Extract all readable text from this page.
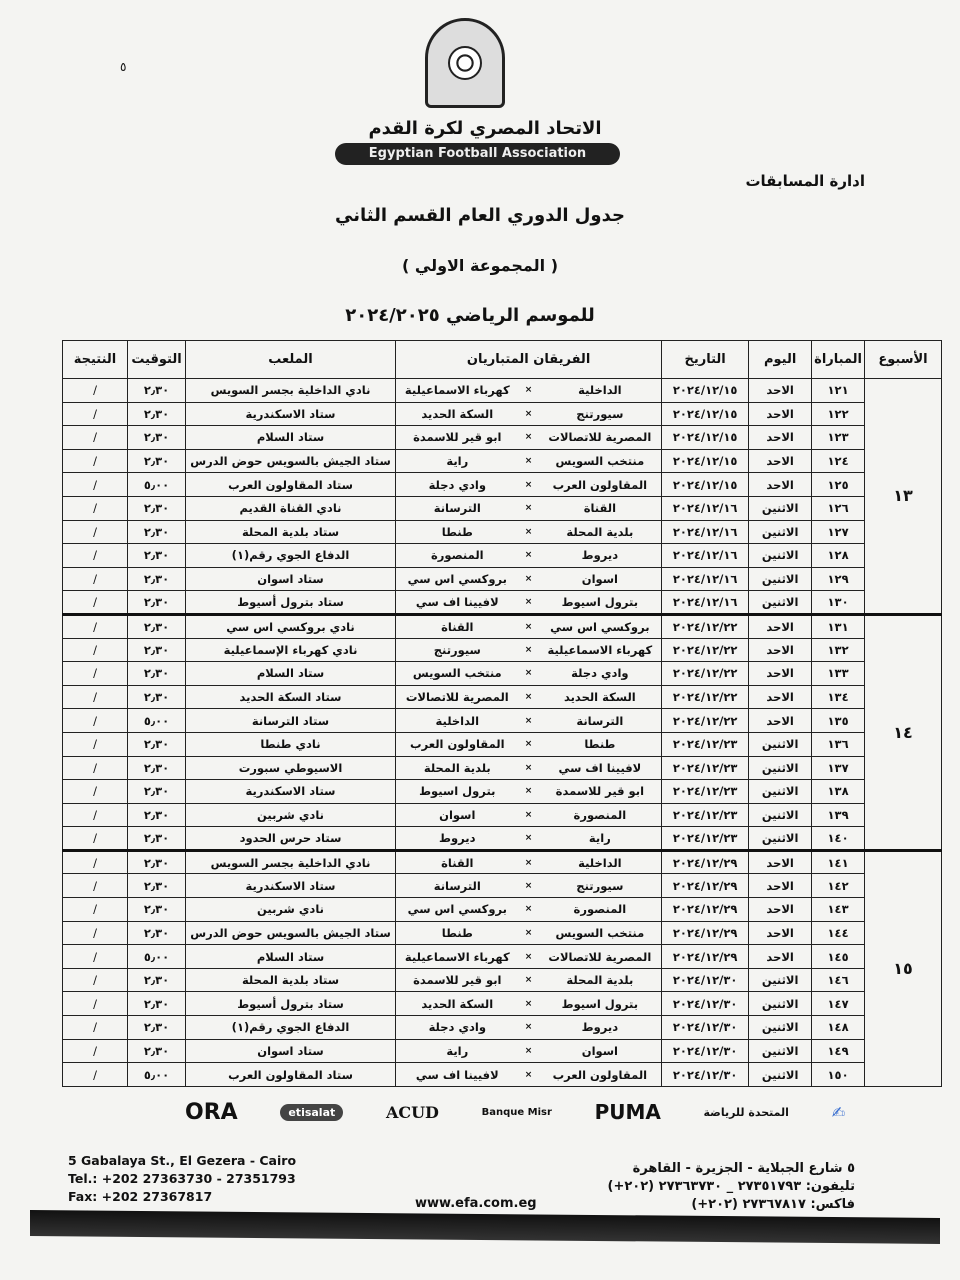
٥
الاتحاد المصري لكرة القدم
Egyptian Football Association
ادارة المسابقات
جدول الدوري العام القسم الثاني
( المجموعة الاولي )
للموسم الرياضي ٢٠٢٤/٢٠٢٥
الأسبوع	المباراة	اليوم	التاريخ	الفريقان المتباريان			الملعب	التوقيت	النتيجة
١٣	١٢١	الاحد	٢٠٢٤/١٢/١٥	الداخلية	×	كهرباء الاسماعيلية	نادي الداخلية بجسر السويس	٢٫٣٠	/
	١٢٢	الاحد	٢٠٢٤/١٢/١٥	سيورتنج	×	السكة الحديد	ستاد الاسكندرية	٢٫٣٠	/
	١٢٣	الاحد	٢٠٢٤/١٢/١٥	المصرية للاتصالات	×	ابو قير للاسمدة	ستاد السلام	٢٫٣٠	/
	١٢٤	الاحد	٢٠٢٤/١٢/١٥	منتخب السويس	×	راية	ستاد الجيش بالسويس حوض الدرس	٢٫٣٠	/
	١٢٥	الاحد	٢٠٢٤/١٢/١٥	المقاولون العرب	×	وادي دجلة	ستاد المقاولون العرب	٥٫٠٠	/
	١٢٦	الاثنين	٢٠٢٤/١٢/١٦	القناة	×	الترسانة	نادي القناة القديم	٢٫٣٠	/
	١٢٧	الاثنين	٢٠٢٤/١٢/١٦	بلدية المحلة	×	طنطا	ستاد بلدية المحلة	٢٫٣٠	/
	١٢٨	الاثنين	٢٠٢٤/١٢/١٦	ديروط	×	المنصورة	الدفاع الجوي رقم(١)	٢٫٣٠	/
	١٢٩	الاثنين	٢٠٢٤/١٢/١٦	اسوان	×	بروكسي اس سي	ستاد اسوان	٢٫٣٠	/
	١٣٠	الاثنين	٢٠٢٤/١٢/١٦	بترول اسيوط	×	لافيينا اف سي	ستاد بترول أسيوط	٢٫٣٠	/
١٤	١٣١	الاحد	٢٠٢٤/١٢/٢٢	بروكسي اس سي	×	القناة	نادي بروكسي اس سي	٢٫٣٠	/
	١٣٢	الاحد	٢٠٢٤/١٢/٢٢	كهرباء الاسماعيلية	×	سيورتنج	نادي كهرباء الإسماعيلية	٢٫٣٠	/
	١٣٣	الاحد	٢٠٢٤/١٢/٢٢	وادي دجلة	×	منتخب السويس	ستاد السلام	٢٫٣٠	/
	١٣٤	الاحد	٢٠٢٤/١٢/٢٢	السكة الحديد	×	المصرية للاتصالات	ستاد السكة الحديد	٢٫٣٠	/
	١٣٥	الاحد	٢٠٢٤/١٢/٢٢	الترسانة	×	الداخلية	ستاد الترسانة	٥٫٠٠	/
	١٣٦	الاثنين	٢٠٢٤/١٢/٢٣	طنطا	×	المقاولون العرب	نادي طنطا	٢٫٣٠	/
	١٣٧	الاثنين	٢٠٢٤/١٢/٢٣	لافيينا اف سي	×	بلدية المحلة	الاسيوطي سبورت	٢٫٣٠	/
	١٣٨	الاثنين	٢٠٢٤/١٢/٢٣	ابو قير للاسمدة	×	بترول اسيوط	ستاد الاسكندرية	٢٫٣٠	/
	١٣٩	الاثنين	٢٠٢٤/١٢/٢٣	المنصورة	×	اسوان	نادي شربين	٢٫٣٠	/
	١٤٠	الاثنين	٢٠٢٤/١٢/٢٣	راية	×	ديروط	ستاد حرس الحدود	٢٫٣٠	/
١٥	١٤١	الاحد	٢٠٢٤/١٢/٢٩	الداخلية	×	القناة	نادي الداخلية بجسر السويس	٢٫٣٠	/
	١٤٢	الاحد	٢٠٢٤/١٢/٢٩	سيورتنج	×	الترسانة	ستاد الاسكندرية	٢٫٣٠	/
	١٤٣	الاحد	٢٠٢٤/١٢/٢٩	المنصورة	×	بروكسي اس سي	نادي شربين	٢٫٣٠	/
	١٤٤	الاحد	٢٠٢٤/١٢/٢٩	منتخب السويس	×	طنطا	ستاد الجيش بالسويس حوض الدرس	٢٫٣٠	/
	١٤٥	الاحد	٢٠٢٤/١٢/٢٩	المصرية للاتصالات	×	كهرباء الاسماعيلية	ستاد السلام	٥٫٠٠	/
	١٤٦	الاثنين	٢٠٢٤/١٢/٣٠	بلدية المحلة	×	ابو قير للاسمدة	ستاد بلدية المحلة	٢٫٣٠	/
	١٤٧	الاثنين	٢٠٢٤/١٢/٣٠	بترول اسيوط	×	السكة الحديد	ستاد بترول أسيوط	٢٫٣٠	/
	١٤٨	الاثنين	٢٠٢٤/١٢/٣٠	ديروط	×	وادي دجلة	الدفاع الجوي رقم(١)	٢٫٣٠	/
	١٤٩	الاثنين	٢٠٢٤/١٢/٣٠	اسوان	×	راية	ستاد اسوان	٢٫٣٠	/
	١٥٠	الاثنين	٢٠٢٤/١٢/٣٠	المقاولون العرب	×	لافيينا اف سي	ستاد المقاولون العرب	٥٫٠٠	/
ORA	etisalat	ACUD	Banque Misr PUMA	المتحدة للرياضة	✍
5 Gabalaya St., El Gezera - Cairo
Tel.: +202 27363730 - 27351793
Fax: +202 27367817
٥ شارع الجبلاية - الجزيرة - القاهرة
تليفون: ٢٧٣٥١٧٩٣ _ ٢٧٣٦٣٧٣٠ (٢٠٢+)
فاكس: ٢٧٣٦٧٨١٧ (٢٠٢+)
www.efa.com.eg
